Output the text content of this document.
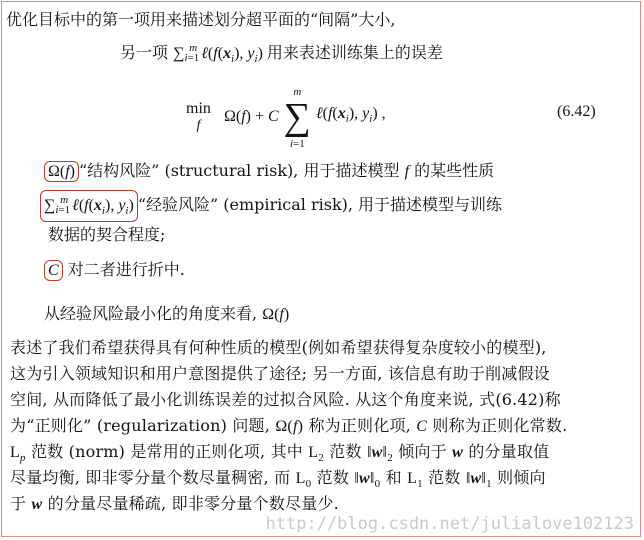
优化目标中的第一项用来描述划分超平面的“间隔”大小,
另一项 $\sum_{i=1}^m$ $\ell(f(x_i)$, $y_i$) 用来表述训练集上的误差
min
f Ω(f) + C m
∑
i=1 $\ell(f(x_i)$, $y_i$) ,	(6.42)
Ω(f) “结构风险” (structural risk), 用于描述模型 f 的某些性质
$\sum_{i=1}^m$ $\ell(f(x_i)$, $y_i$) “经验风险” (empirical risk), 用于描述模型与训练
数据的契合程度;
C 对二者进行折中.
从经验风险最小化的角度来看, Ω(f)
表述了我们希望获得具有何种性质的模型(例如希望获得复杂度较小的模型),
这为引入领域知识和用户意图提供了途径; 另一方面, 该信息有助于削减假设
空间, 从而降低了最小化训练误差的过拟合风险. 从这个角度来说, 式(6.42)称
为“正则化” (regularization) 问题, Ω(f) 称为正则化项, C 则称为正则化常数.
$L_p$ 范数 (norm) 是常用的正则化项, 其中 $L_2$ 范数 $‖w‖_2$ 倾向于 w 的分量取值
尽量均衡, 即非零分量个数尽量稠密, 而 $L_0$ 范数 $‖w‖_0$ 和 $L_1$ 范数 $‖w‖_1$ 则倾向
于 w 的分量尽量稀疏, 即非零分量个数尽量少.
http://blog.csdn.net/julialove102123
